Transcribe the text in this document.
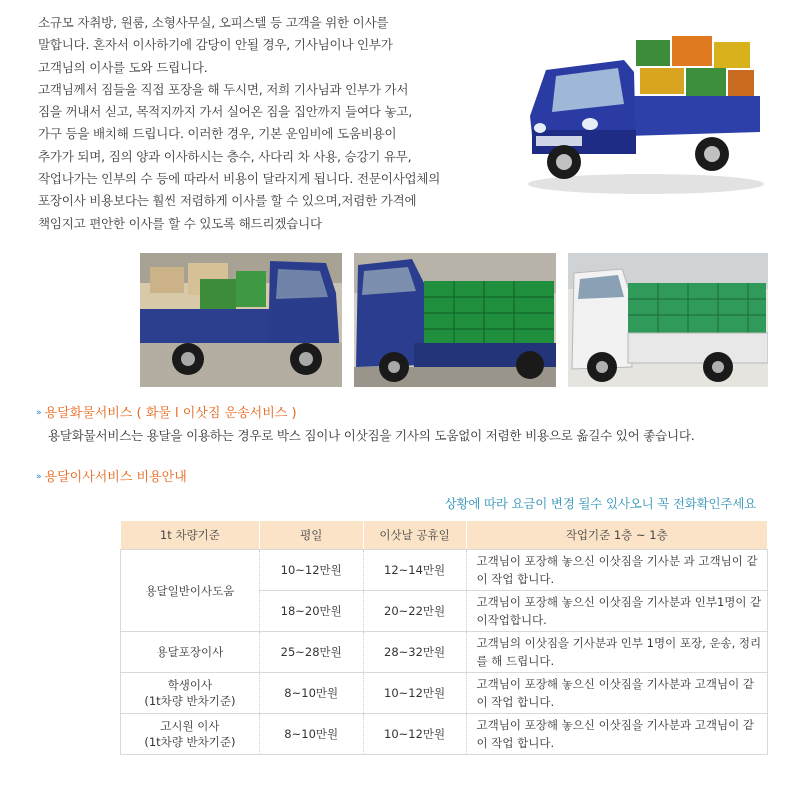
소규모 자취방, 원룸, 소형사무실, 오피스텔 등 고객을 위한 이사를
말합니다. 혼자서 이사하기에 감당이 안될 경우, 기사님이나 인부가
고객님의 이사를 도와 드립니다.
고객님께서 짐들을 직접 포장을 해 두시면, 저희 기사님과 인부가 가서
짐을 꺼내서 싣고, 목적지까지 가서 실어온 짐을 집안까지 들여다 놓고,
가구 등을 배치해 드립니다. 이러한 경우, 기본 운임비에 도움비용이
추가가 되며, 짐의 양과 이사하시는 층수, 사다리 차 사용, 승강기 유무,
작업나가는 인부의 수 등에 따라서 비용이 달라지게 됩니다. 전문이사업체의
포장이사 비용보다는 훨씬 저렴하게 이사를 할 수 있으며,저렴한 가격에
책임지고 편안한 이사를 할 수 있도록 해드리겠습니다
» 용달화물서비스 ( 화물 l 이삿짐 운송서비스 )
용달화물서비스는 용달을 이용하는 경우로 박스 짐이나 이삿짐을 기사의 도움없이 저렴한 비용으로 옮길수 있어 좋습니다.
» 용달이사서비스 비용안내
상황에 따라 요금이 변경 될수 있사오니 꼭 전화확인주세요
1t 차량기준	평일	이삿날 공휴일	작업기준 1층 ~ 1층
용달일반이사도움	10~12만원	12~14만원	고객님이 포장해 놓으신 이삿짐을 기사분 과 고객님이 같이 작업 합니다.
	18~20만원	20~22만원	고객님이 포장해 놓으신 이삿짐을 기사분과 인부1명이 같이작업합니다.
용달포장이사	25~28만원	28~32만원	고객님의 이삿짐을 기사분과 인부 1명이 포장, 운송, 정리를 해 드립니다.

학생이사
(1t차량 반차기준)	8~10만원	10~12만원	고객님이 포장해 놓으신 이삿짐을 기사분과 고객님이 같이 작업 합니다.

고시원 이사
(1t차량 반차기준)	8~10만원	10~12만원	고객님이 포장해 놓으신 이삿짐을 기사분과 고객님이 같이 작업 합니다.
